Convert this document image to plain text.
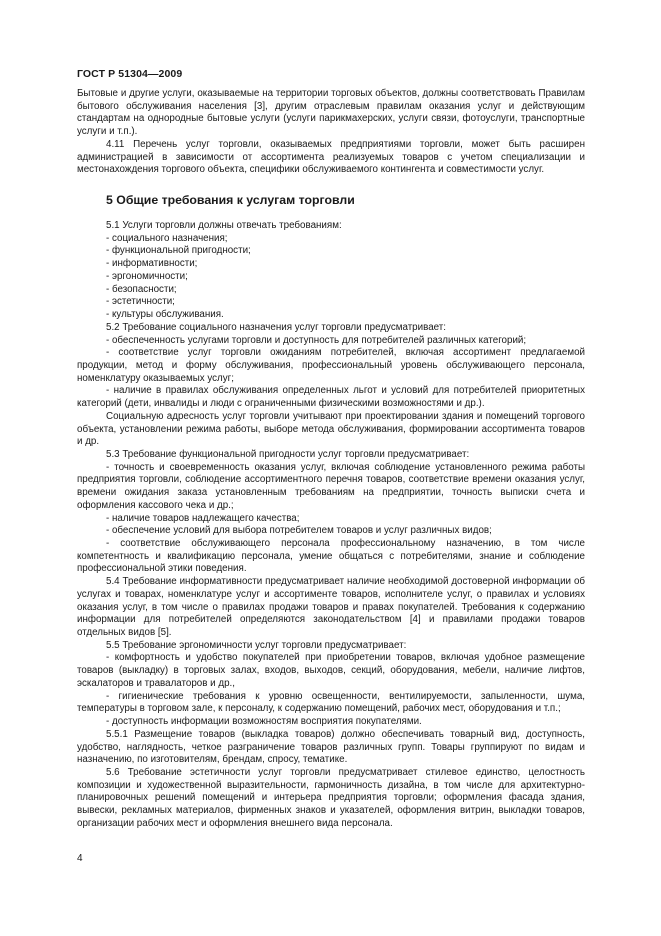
ГОСТ Р 51304—2009

Бытовые и другие услуги, оказываемые на территории торговых объектов, должны соответствовать Правилам бытового обслуживания населения [3], другим отраслевым правилам оказания услуг и действующим стандартам на однородные бытовые услуги (услуги парикмахерских, услуги связи, фотоуслуги, транспортные услуги и т.п.).

4.11 Перечень услуг торговли, оказываемых предприятиями торговли, может быть расширен администрацией в зависимости от ассортимента реализуемых товаров с учетом специализации и местонахождения торгового объекта, специфики обслуживаемого контингента и совместимости услуг.

5 Общие требования к услугам торговли

5.1 Услуги торговли должны отвечать требованиям:

- социального назначения;

- функциональной пригодности;

- информативности;

- эргономичности;

- безопасности;

- эстетичности;

- культуры обслуживания.

5.2 Требование социального назначения услуг торговли предусматривает:

- обеспеченность услугами торговли и доступность для потребителей различных категорий;

- соответствие услуг торговли ожиданиям потребителей, включая ассортимент предлагаемой продукции, метод и форму обслуживания, профессиональный уровень обслуживающего персонала, номенклатуру оказываемых услуг;

- наличие в правилах обслуживания определенных льгот и условий для потребителей приоритетных категорий (дети, инвалиды и люди с ограниченными физическими возможностями и др.).

Социальную адресность услуг торговли учитывают при проектировании здания и помещений торгового объекта, установлении режима работы, выборе метода обслуживания, формировании ассортимента товаров и др.

5.3 Требование функциональной пригодности услуг торговли предусматривает:

- точность и своевременность оказания услуг, включая соблюдение установленного режима работы предприятия торговли, соблюдение ассортиментного перечня товаров, соответствие времени оказания услуг, времени ожидания заказа установленным требованиям на предприятии, точность выписки счета и оформления кассового чека и др.;

- наличие товаров надлежащего качества;

- обеспечение условий для выбора потребителем товаров и услуг различных видов;

- соответствие обслуживающего персонала профессиональному назначению, в том числе компетентность и квалификацию персонала, умение общаться с потребителями, знание и соблюдение профессиональной этики поведения.

5.4 Требование информативности предусматривает наличие необходимой достоверной информации об услугах и товарах, номенклатуре услуг и ассортименте товаров, исполнителе услуг, о правилах и условиях оказания услуг, в том числе о правилах продажи товаров и правах покупателей. Требования к содержанию информации для потребителей определяются законодательством [4] и правилами продажи товаров отдельных видов [5].

5.5 Требование эргономичности услуг торговли предусматривает:

- комфортность и удобство покупателей при приобретении товаров, включая удобное размещение товаров (выкладку) в торговых залах, входов, выходов, секций, оборудования, мебели, наличие лифтов, эскалаторов и травалаторов и др.,

- гигиенические требования к уровню освещенности, вентилируемости, запыленности, шума, температуры в торговом зале, к персоналу, к содержанию помещений, рабочих мест, оборудования и т.п.;

- доступность информации возможностям восприятия покупателями.

5.5.1 Размещение товаров (выкладка товаров) должно обеспечивать товарный вид, доступность, удобство, наглядность, четкое разграничение товаров различных групп. Товары группируют по видам и назначению, по изготовителям, брендам, спросу, тематике.

5.6 Требование эстетичности услуг торговли предусматривает стилевое единство, целостность композиции и художественной выразительности, гармоничность дизайна, в том числе для архитектурно-планировочных решений помещений и интерьера предприятия торговли; оформления фасада здания, вывески, рекламных материалов, фирменных знаков и указателей, оформления витрин, выкладки товаров, организации рабочих мест и оформления внешнего вида персонала.

4
